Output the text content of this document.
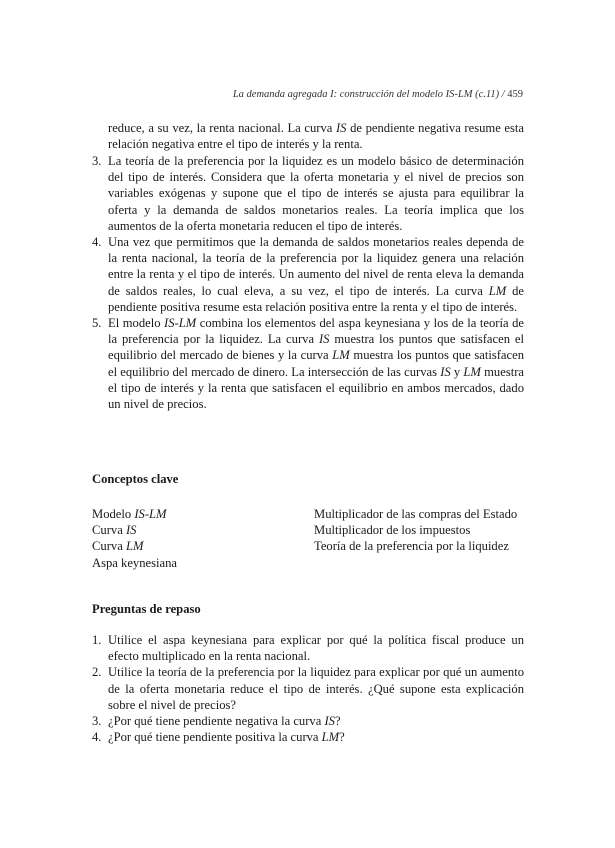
La demanda agregada I: construcción del modelo IS-LM (c.11) / 459
reduce, a su vez, la renta nacional. La curva IS de pendiente negativa resume esta relación negativa entre el tipo de interés y la renta.
3. La teoría de la preferencia por la liquidez es un modelo básico de determinación del tipo de interés. Considera que la oferta monetaria y el nivel de precios son variables exógenas y supone que el tipo de interés se ajusta para equilibrar la oferta y la demanda de saldos monetarios reales. La teoría implica que los aumentos de la oferta monetaria reducen el tipo de interés.
4. Una vez que permitimos que la demanda de saldos monetarios reales dependa de la renta nacional, la teoría de la preferencia por la liquidez genera una relación entre la renta y el tipo de interés. Un aumento del nivel de renta eleva la demanda de saldos reales, lo cual eleva, a su vez, el tipo de interés. La curva LM de pendiente positiva resume esta relación positiva entre la renta y el tipo de interés.
5. El modelo IS-LM combina los elementos del aspa keynesiana y los de la teoría de la preferencia por la liquidez. La curva IS muestra los puntos que satisfacen el equilibrio del mercado de bienes y la curva LM muestra los puntos que satisfacen el equilibrio del mercado de dinero. La intersección de las curvas IS y LM muestra el tipo de interés y la renta que satisfacen el equilibrio en ambos mercados, dado un nivel de precios.
Conceptos clave
Modelo IS-LM
Curva IS
Curva LM
Aspa keynesiana
Multiplicador de las compras del Estado
Multiplicador de los impuestos
Teoría de la preferencia por la liquidez
Preguntas de repaso
1. Utilice el aspa keynesiana para explicar por qué la política fiscal produce un efecto multiplicado en la renta nacional.
2. Utilice la teoría de la preferencia por la liquidez para explicar por qué un aumento de la oferta monetaria reduce el tipo de interés. ¿Qué supone esta explicación sobre el nivel de precios?
3. ¿Por qué tiene pendiente negativa la curva IS?
4. ¿Por qué tiene pendiente positiva la curva LM?
